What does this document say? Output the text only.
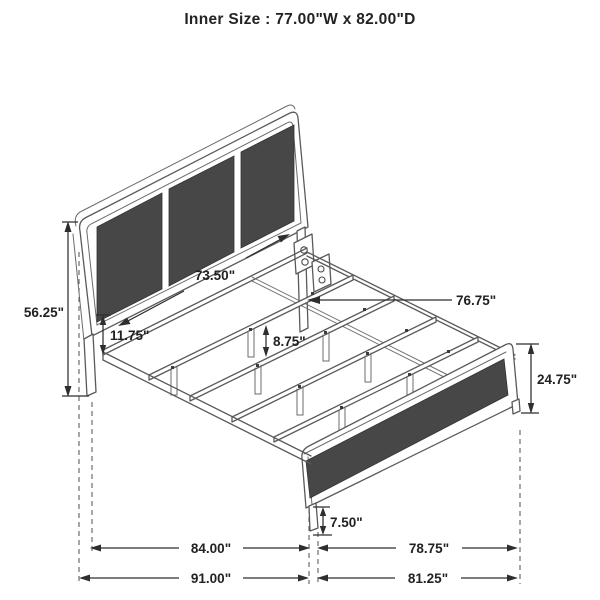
Inner Size : 77.00"W x 82.00"D
56.25"
73.50"
11.75"	8.75"
76.75"
24.75"
7.50"
84.00"	78.75"
91.00"	81.25"
